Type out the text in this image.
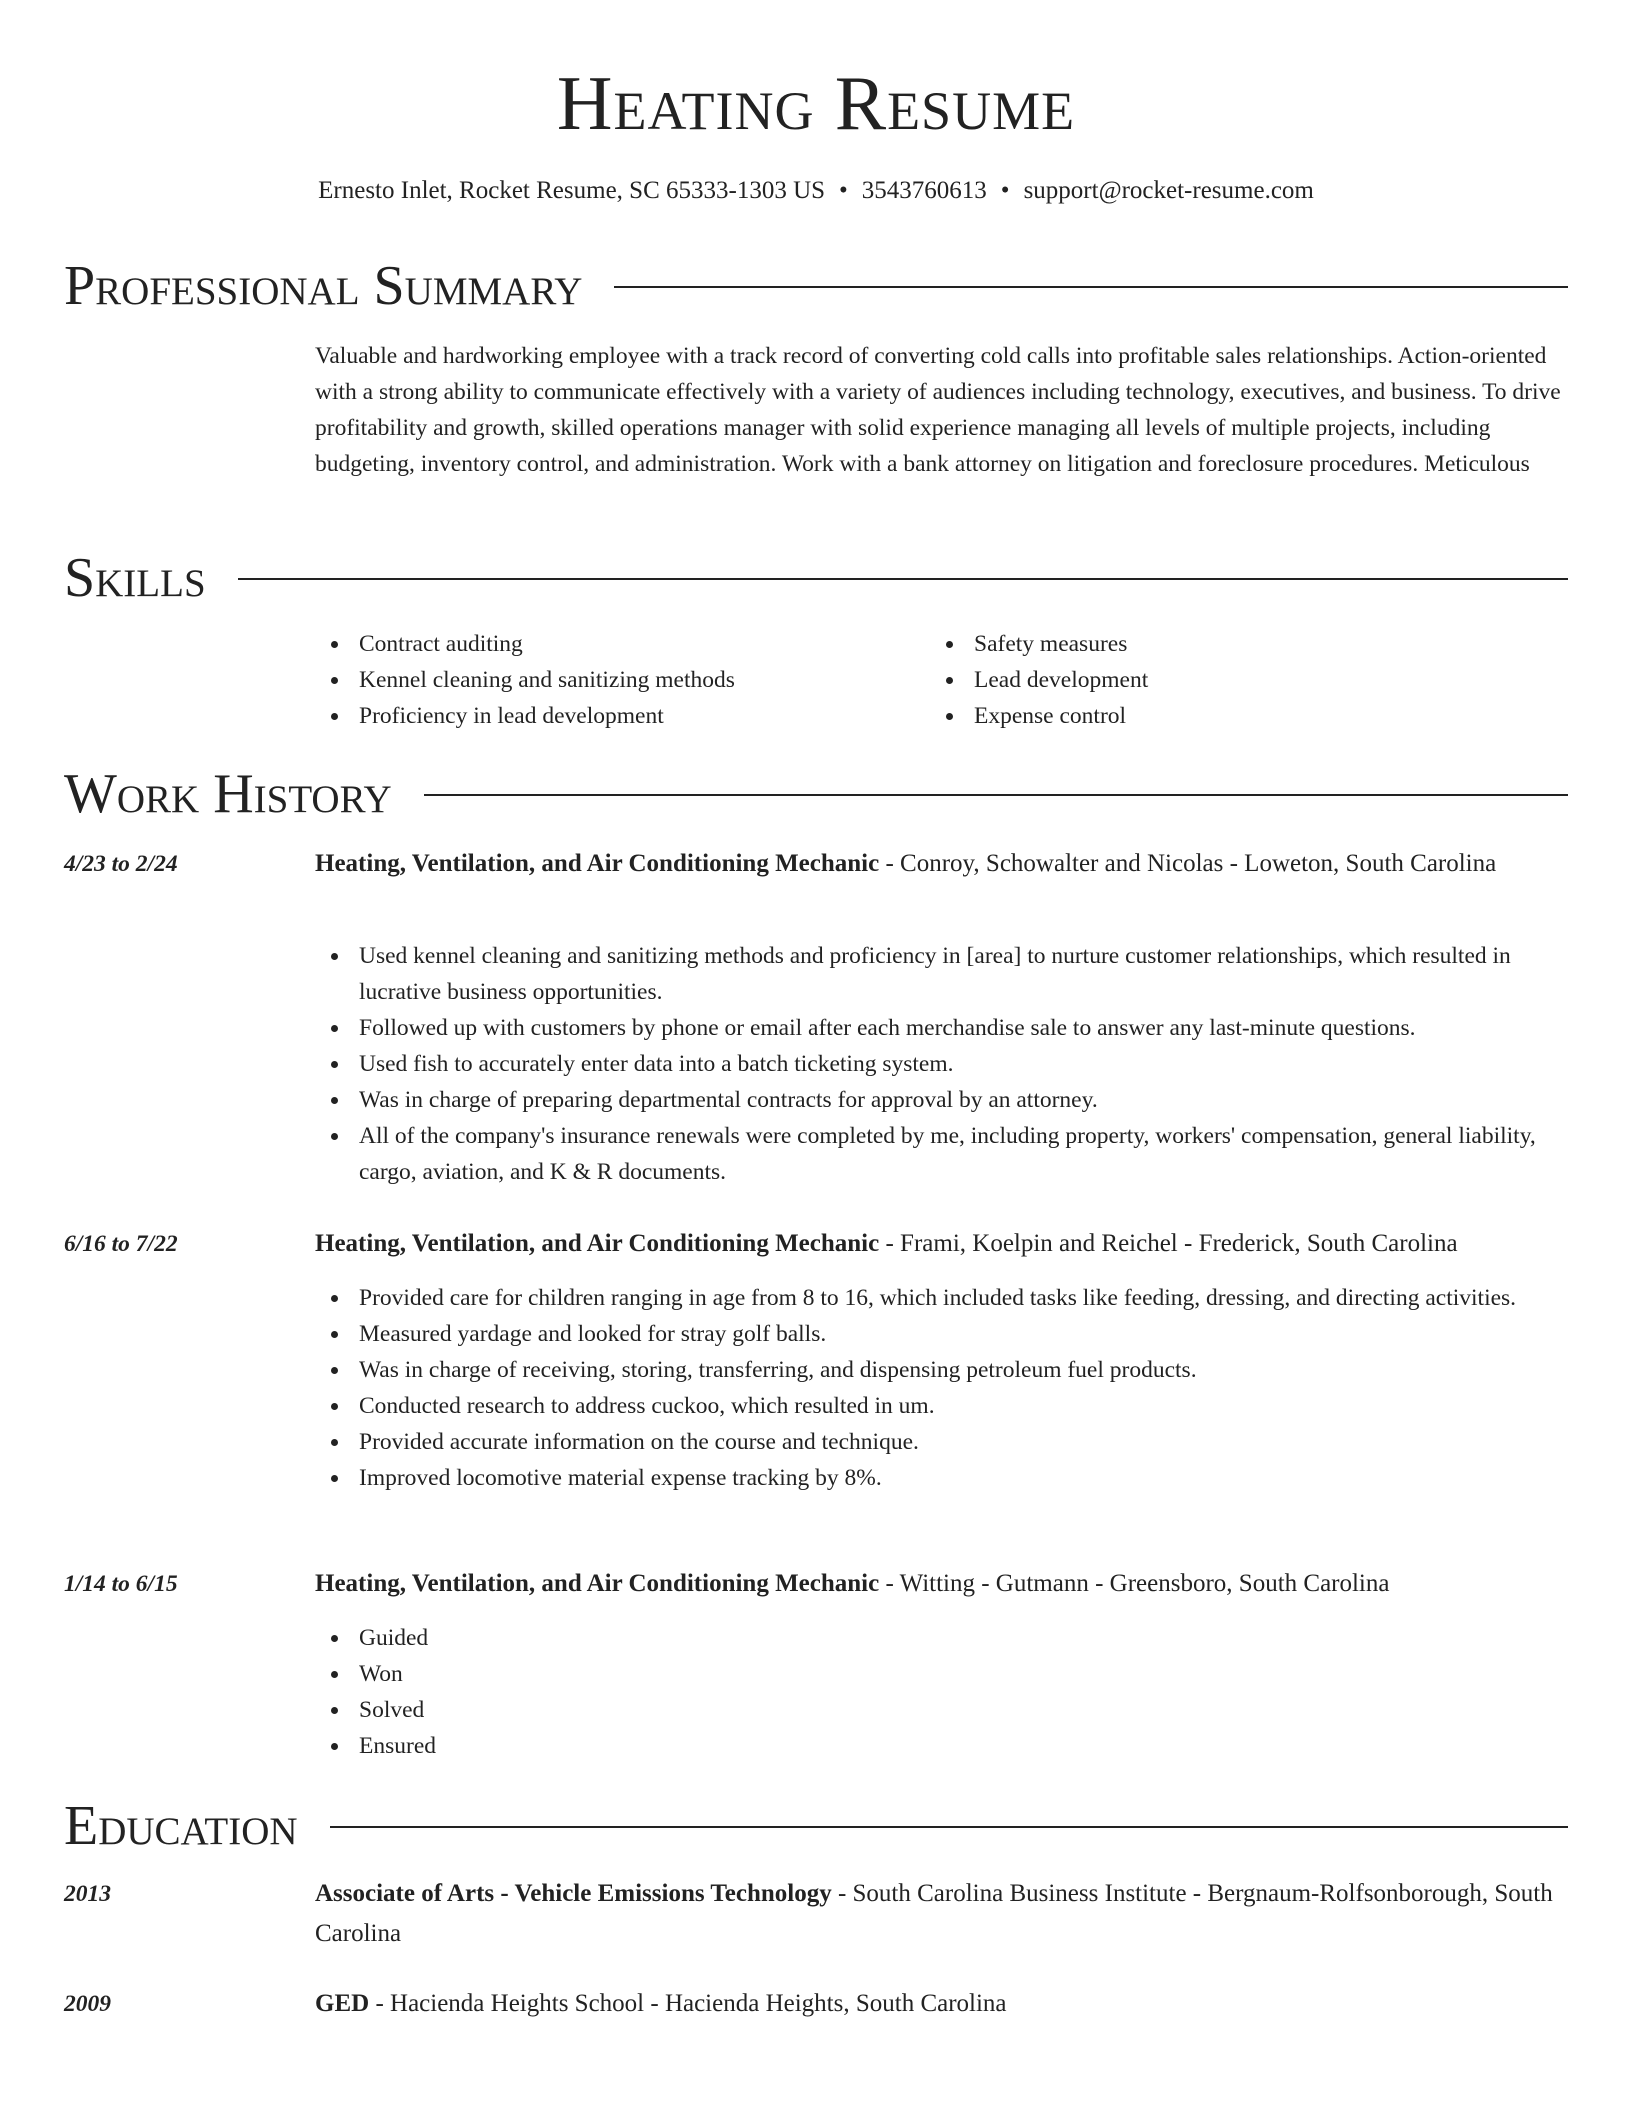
Heating Resume
Ernesto Inlet, Rocket Resume, SC 65333-1303 US • 3543760613 • support@rocket-resume.com
Professional Summary
Valuable and hardworking employee with a track record of converting cold calls into profitable sales relationships. Action-oriented with a strong ability to communicate effectively with a variety of audiences including technology, executives, and business. To drive profitability and growth, skilled operations manager with solid experience managing all levels of multiple projects, including budgeting, inventory control, and administration. Work with a bank attorney on litigation and foreclosure procedures. Meticulous
Skills
Contract auditing
Kennel cleaning and sanitizing methods
Proficiency in lead development
Safety measures
Lead development
Expense control
Work History
4/23 to 2/24	Heating, Ventilation, and Air Conditioning Mechanic - Conroy, Schowalter and Nicolas - Loweton, South Carolina
Used kennel cleaning and sanitizing methods and proficiency in [area] to nurture customer relationships, which resulted in lucrative business opportunities.
Followed up with customers by phone or email after each merchandise sale to answer any last-minute questions.
Used fish to accurately enter data into a batch ticketing system.
Was in charge of preparing departmental contracts for approval by an attorney.
All of the company's insurance renewals were completed by me, including property, workers' compensation, general liability, cargo, aviation, and K & R documents.
6/16 to 7/22	Heating, Ventilation, and Air Conditioning Mechanic - Frami, Koelpin and Reichel - Frederick, South Carolina
Provided care for children ranging in age from 8 to 16, which included tasks like feeding, dressing, and directing activities.
Measured yardage and looked for stray golf balls.
Was in charge of receiving, storing, transferring, and dispensing petroleum fuel products.
Conducted research to address cuckoo, which resulted in um.
Provided accurate information on the course and technique.
Improved locomotive material expense tracking by 8%.
1/14 to 6/15	Heating, Ventilation, and Air Conditioning Mechanic - Witting - Gutmann - Greensboro, South Carolina
Guided
Won
Solved
Ensured
Education
2013	Associate of Arts - Vehicle Emissions Technology - South Carolina Business Institute - Bergnaum-Rolfsonborough, South Carolina
2009	GED - Hacienda Heights School - Hacienda Heights, South Carolina
